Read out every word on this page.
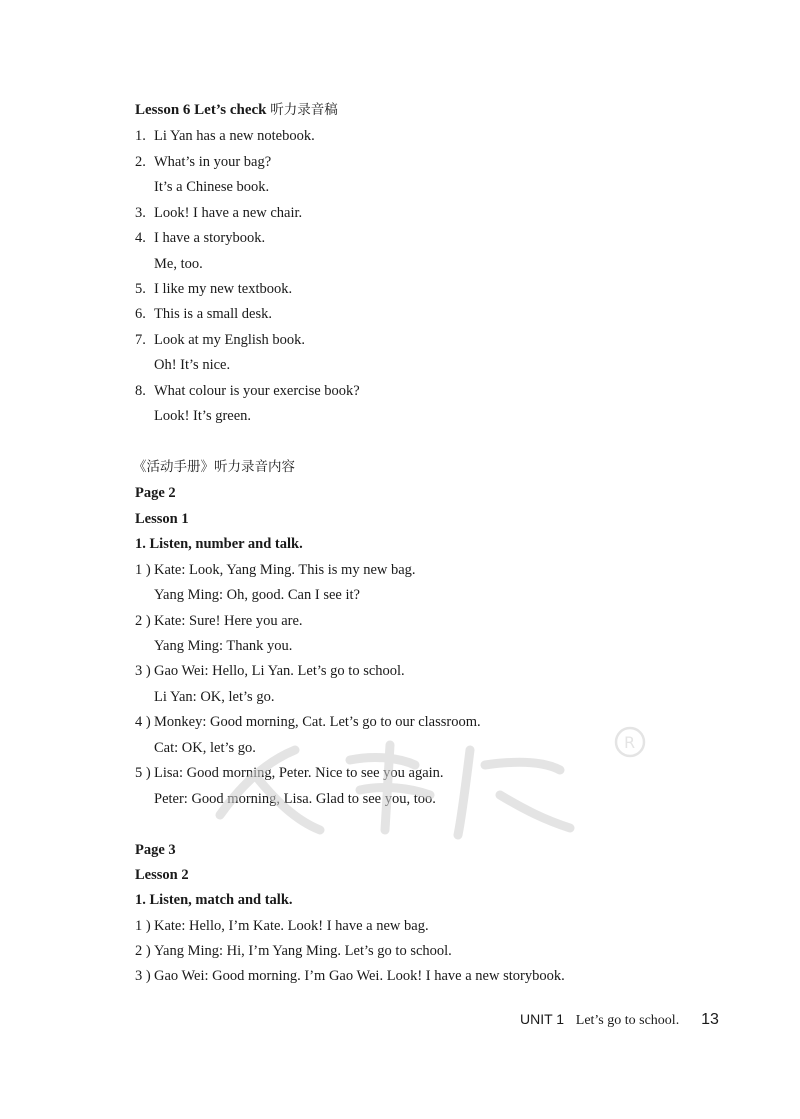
Lesson 6 Let’s check 听力录音稿
1. Li Yan has a new notebook.
2. What’s in your bag?
It’s a Chinese book.
3. Look! I have a new chair.
4. I have a storybook.
Me, too.
5. I like my new textbook.
6. This is a small desk.
7. Look at my English book.
Oh! It’s nice.
8. What colour is your exercise book?
Look! It’s green.
《活动手册》听力录音内容
Page 2
Lesson 1
1. Listen, number and talk.
1 ) Kate: Look, Yang Ming. This is my new bag.
Yang Ming: Oh, good. Can I see it?
2 ) Kate: Sure! Here you are.
Yang Ming: Thank you.
3 ) Gao Wei: Hello, Li Yan. Let’s go to school.
Li Yan: OK, let’s go.
4 ) Monkey: Good morning, Cat. Let’s go to our classroom.
Cat: OK, let’s go.
5 ) Lisa: Good morning, Peter. Nice to see you again.
Peter: Good morning, Lisa. Glad to see you, too.
Page 3
Lesson 2
1. Listen, match and talk.
1 ) Kate: Hello, I’m Kate. Look! I have a new bag.
2 ) Yang Ming: Hi, I’m Yang Ming. Let’s go to school.
3 ) Gao Wei: Good morning. I’m Gao Wei. Look! I have a new storybook.
R
UNIT 1 Let’s go to school. 13
